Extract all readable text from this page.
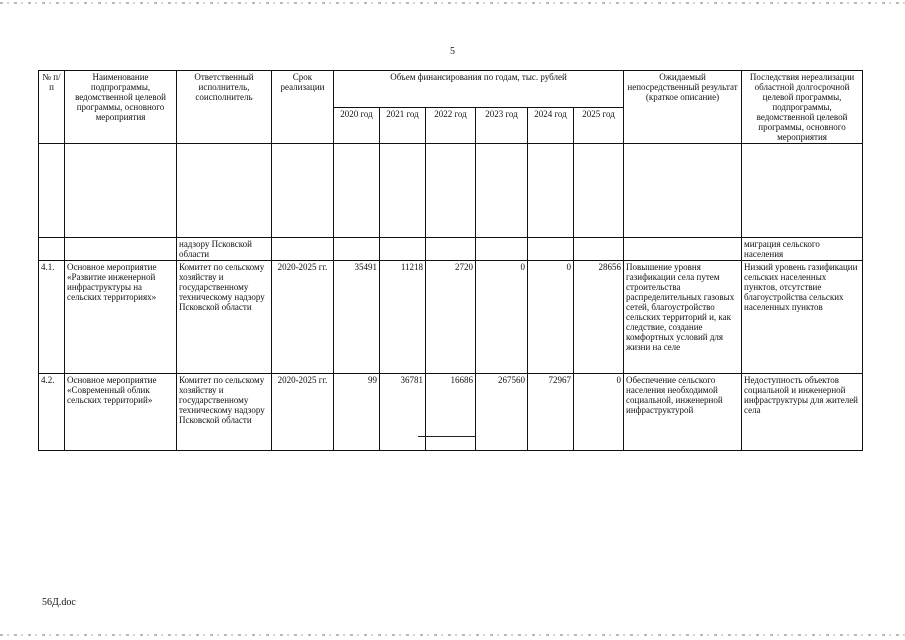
5
№ п/п	Наименование подпрограммы, ведомственной целевой программы, основного мероприятия	Ответственный исполнитель, соисполнитель	Срок реализации	Объем финансирования по годам, тыс. рублей						Ожидаемый непосредственный результат (краткое описание)	Последствия нереализации областной долгосрочной целевой программы, подпрограммы, ведомственной целевой программы, основного мероприятия
				2020 год	2021 год	2022 год	2023 год	2024 год	2025 год		

		надзору Псковской области									миграция сельского населения
4.1.	Основное мероприятие «Развитие инженерной инфраструктуры на сельских территориях»	Комитет по сельскому хозяйству и государственному техническому надзору Псковской области	2020-2025 гг.	35491	11218	2720	0	0	28656	Повышение уровня газификации села путем строительства распределительных газовых сетей, благоустройство сельских территорий и, как следствие, создание комфортных условий для жизни на селе	Низкий уровень газификации сельских населенных пунктов, отсутствие благоустройства сельских населенных пунктов
4.2.	Основное мероприятие «Современный облик сельских территорий»	Комитет по сельскому хозяйству и государственному техническому надзору Псковской области	2020-2025 гг.	99	36781	16686	267560	72967	0	Обеспечение сельского населения необходимой социальной, инженерной инфраструктурой	Недоступность объектов социальной и инженерной инфраструктуры для жителей села
56Д.doc
